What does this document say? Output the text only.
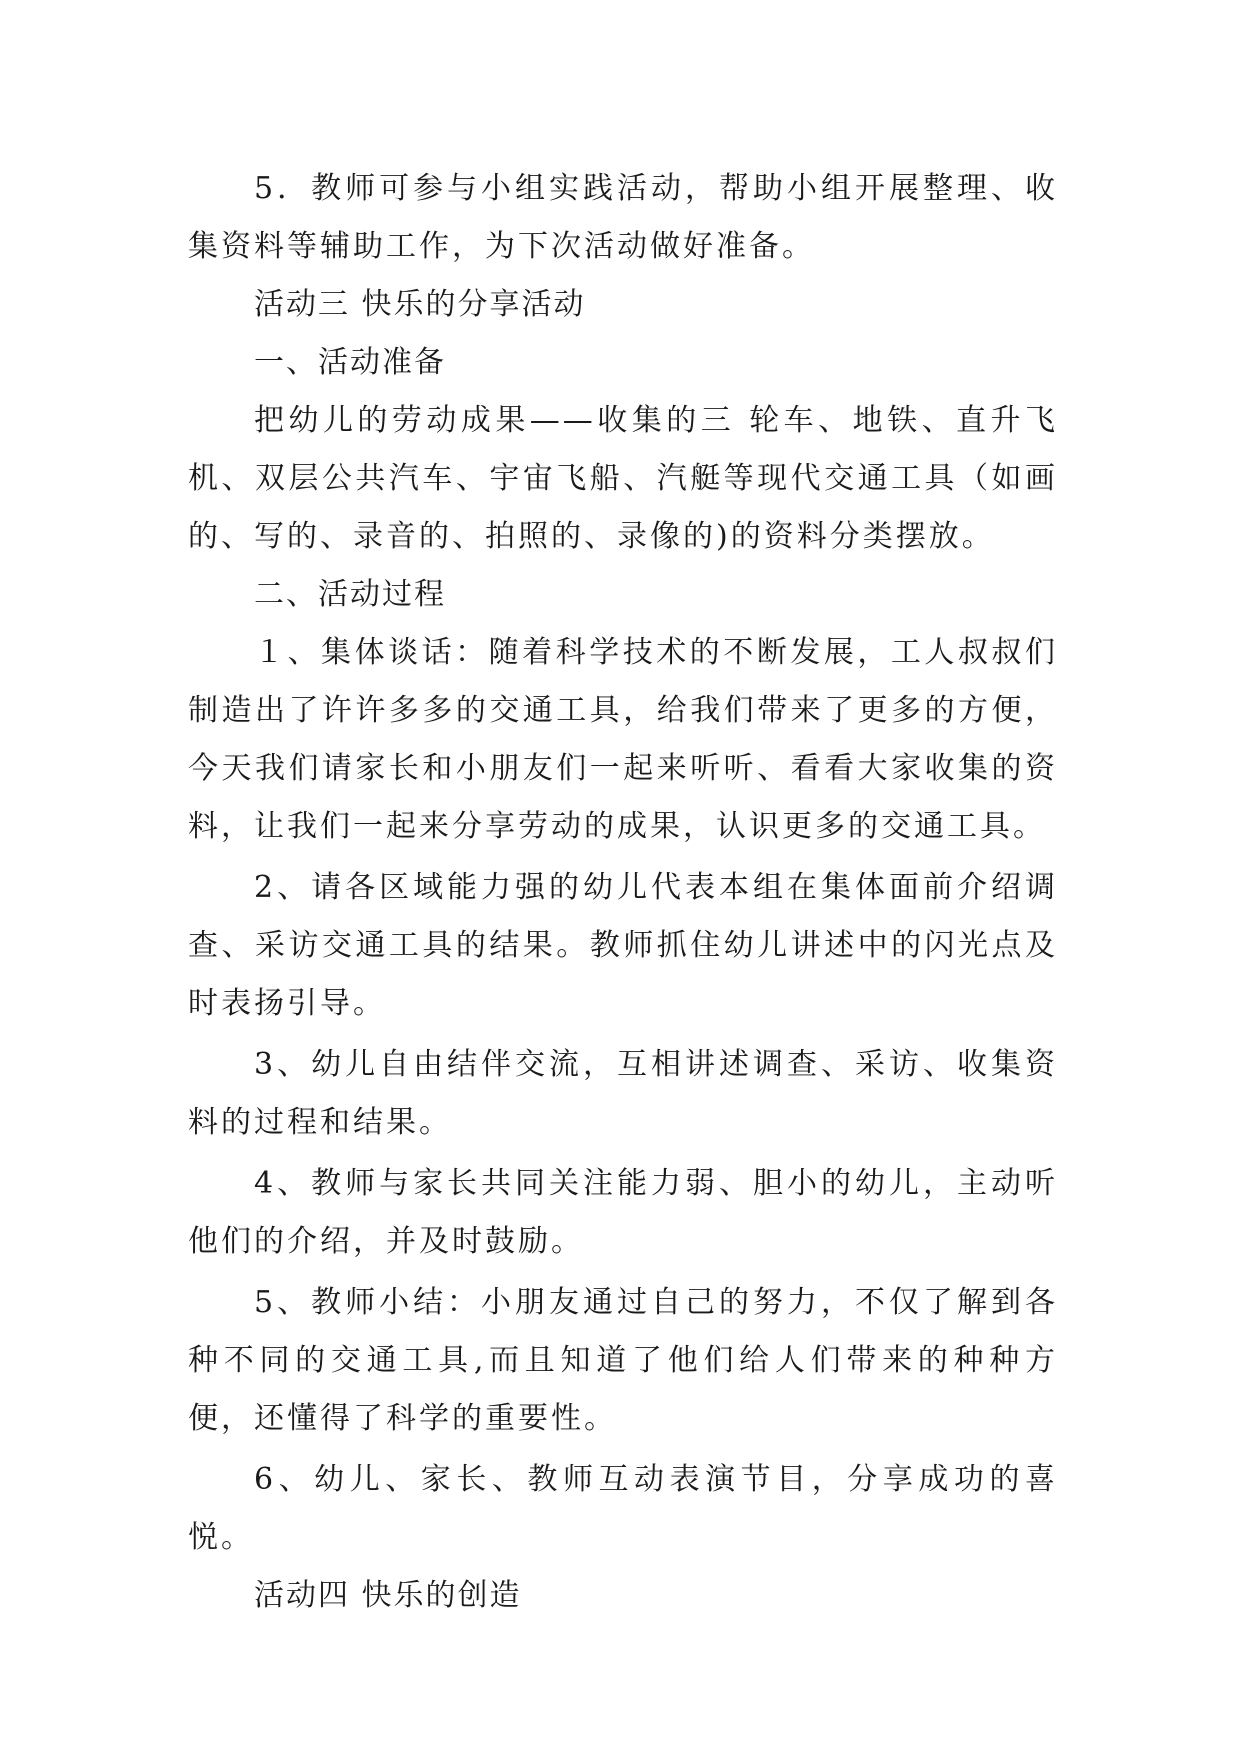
5．教师可参与小组实践活动，帮助小组开展整理、收集资料等辅助工作，为下次活动做好准备。

活动三 快乐的分享活动

一、活动准备

把幼儿的劳动成果——收集的三 轮车、地铁、直升飞机、双层公共汽车、宇宙飞船、汽艇等现代交通工具（如画的、写的、录音的、拍照的、录像的)的资料分类摆放。

二、活动过程

１、集体谈话：随着科学技术的不断发展，工人叔叔们制造出了许许多多的交通工具，给我们带来了更多的方便，今天我们请家长和小朋友们一起来听听、看看大家收集的资料，让我们一起来分享劳动的成果，认识更多的交通工具。

2、请各区域能力强的幼儿代表本组在集体面前介绍调查、采访交通工具的结果。教师抓住幼儿讲述中的闪光点及时表扬引导。

3、幼儿自由结伴交流，互相讲述调查、采访、收集资料的过程和结果。

4、教师与家长共同关注能力弱、胆小的幼儿，主动听他们的介绍，并及时鼓励。

5、教师小结：小朋友通过自己的努力，不仅了解到各种不同的交通工具,而且知道了他们给人们带来的种种方便，还懂得了科学的重要性。

6、幼儿、家长、教师互动表演节目，分享成功的喜悦。

活动四 快乐的创造
